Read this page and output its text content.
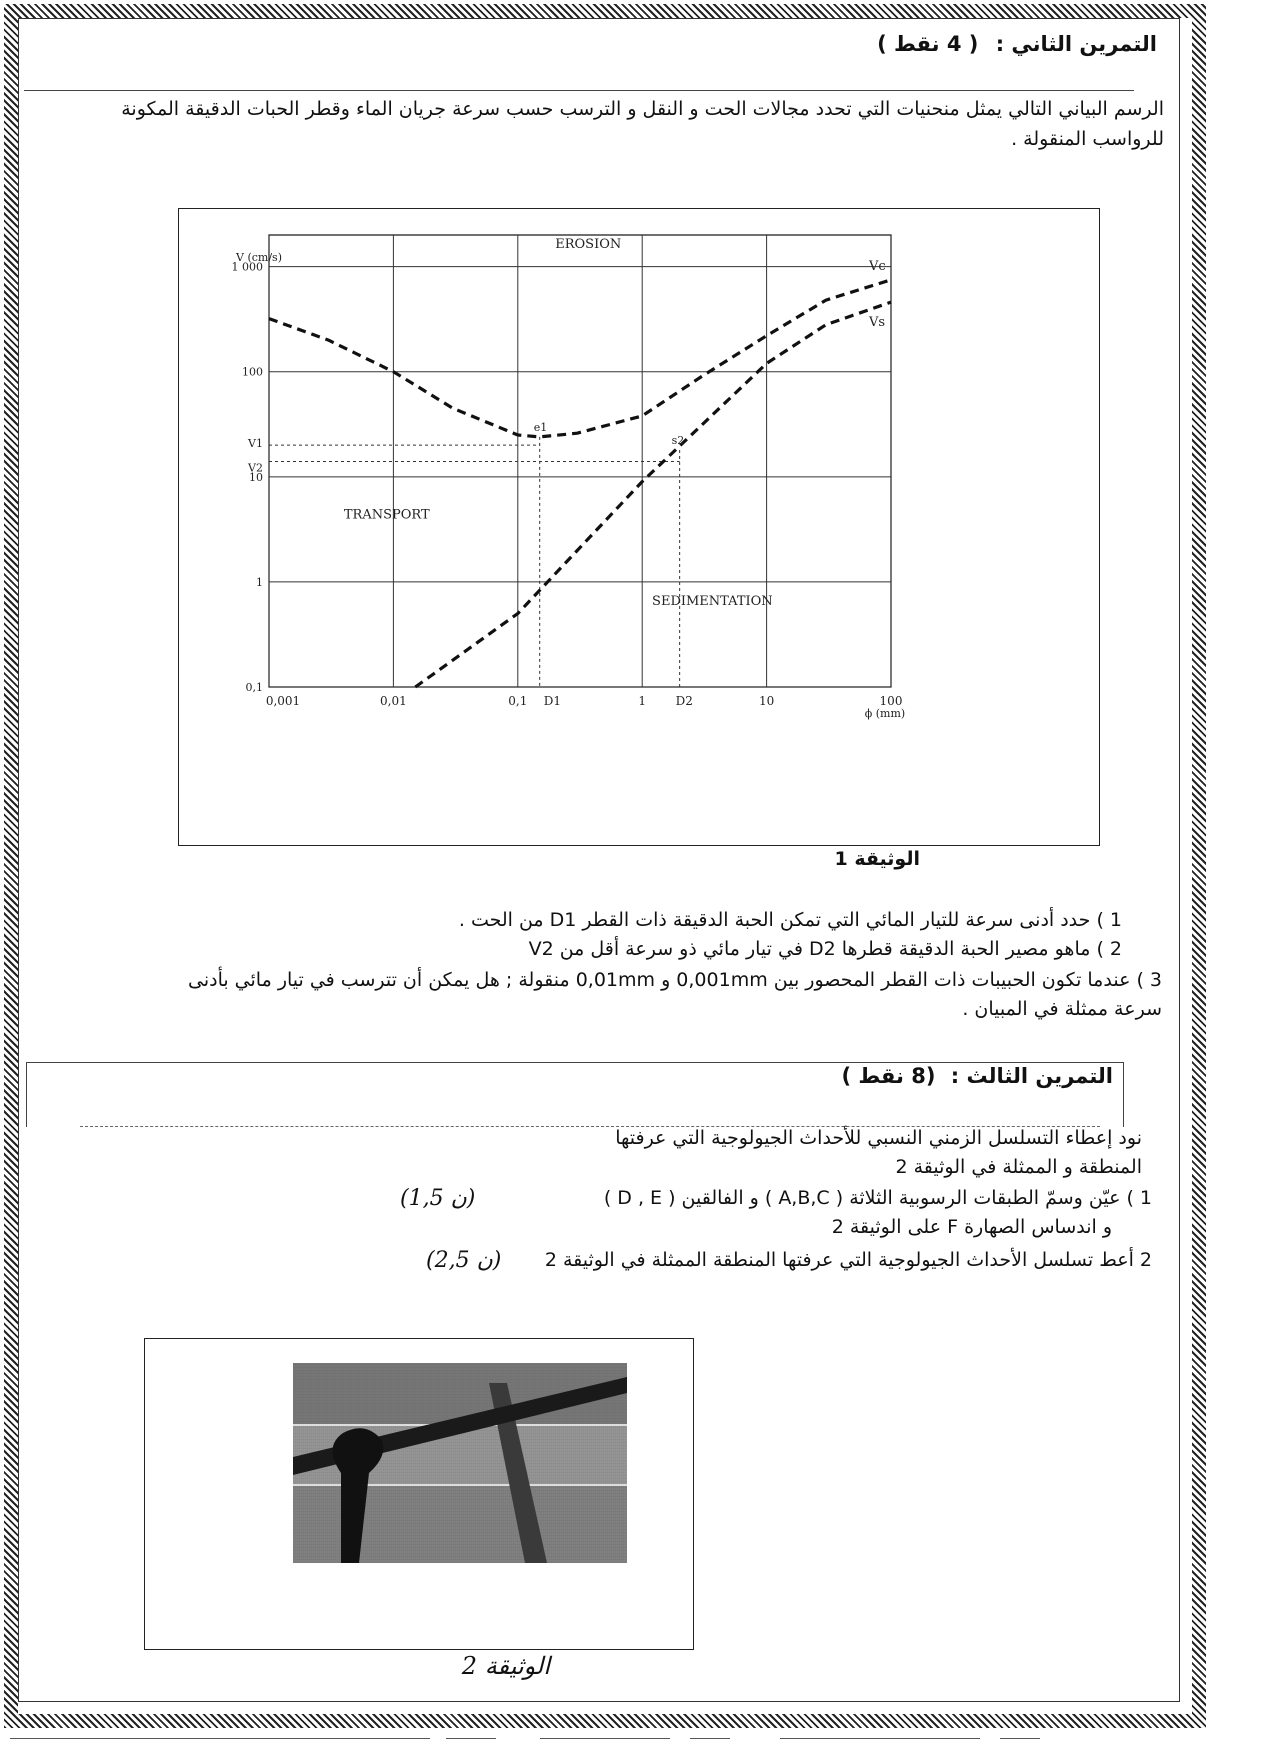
التمرين الثاني : ( 4 نقط )
الرسم البياني التالي يمثل منحنيات التي تحدد مجالات الحت و النقل و الترسب حسب سرعة جريان الماء وقطر الحبات الدقيقة المكونة
للرواسب المنقولة .
0,001	0,01	0,1	1	10	100
0,1
1
10
100
1 000
V (cm/s)
ϕ (mm)
EROSION
TRANSPORT
SEDIMENTATION
Vc
Vs
e1
s2
V1
V2
D1	D2
الوثيقة 1
1 ) حدد أدنى سرعة للتيار المائي التي تمكن الحبة الدقيقة ذات القطر D1 من الحت .
2 ) ماهو مصير الحبة الدقيقة قطرها D2 في تيار مائي ذو سرعة أقل من V2
3 ) عندما تكون الحبيبات ذات القطر المحصور بين 0,001mm و 0,01mm منقولة ; هل يمكن أن تترسب في تيار مائي بأدنى
سرعة ممثلة في المبيان .
التمرين الثالث : (8 نقط )
نود إعطاء التسلسل الزمني النسبي للأحداث الجيولوجية التي عرفتها
المنطقة و الممثلة في الوثيقة 2
1 ) عيّن وسمّ الطبقات الرسوبية الثلاثة ( A,B,C ) و الفالقين ( D , E )
و اندساس الصهارة F على الوثيقة 2
(ن 1,5)
2 أعط تسلسل الأحداث الجيولوجية التي عرفتها المنطقة الممثلة في الوثيقة 2
(ن 2,5)
الوثيقة 2
